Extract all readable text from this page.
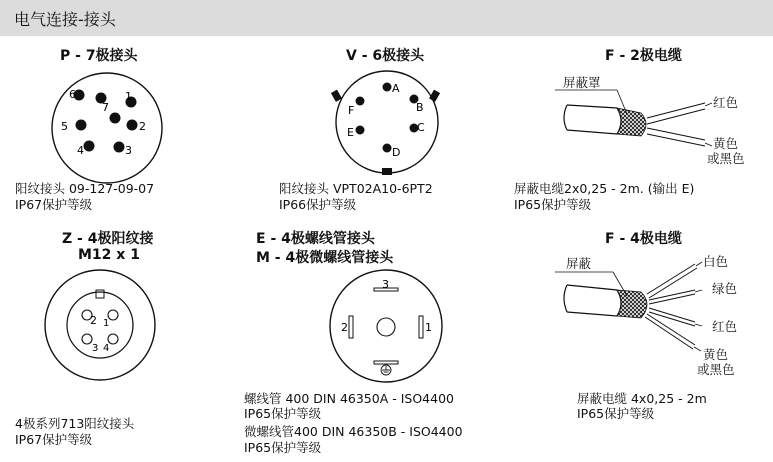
电气连接-接头
P - 7极接头
1
2
3
4
5
6
7
阳纹接头 09-127-09-07
IP67保护等级
V - 6极接头
A
B
C
D
E
F
阳纹接头 VPT02A10-6PT2
IP66保护等级
F - 2极电缆
屏蔽罩
红色
黄色
或黑色
屏蔽电缆2x0,25 - 2m. (输出 E)
IP65保护等级
Z - 4极阳纹接
M12 x 1
1
2
3 4
4极系列713阳纹接头
IP67保护等级
E - 4极螺线管接头
M - 4极微螺线管接头
3
2	1
螺线管 400 DIN 46350A - ISO4400
IP65保护等级
微螺线管400 DIN 46350B - ISO4400
IP65保护等级
F - 4极电缆
屏蔽	白色
绿色
红色
黄色
或黑色
屏蔽电缆 4x0,25 - 2m
IP65保护等级
